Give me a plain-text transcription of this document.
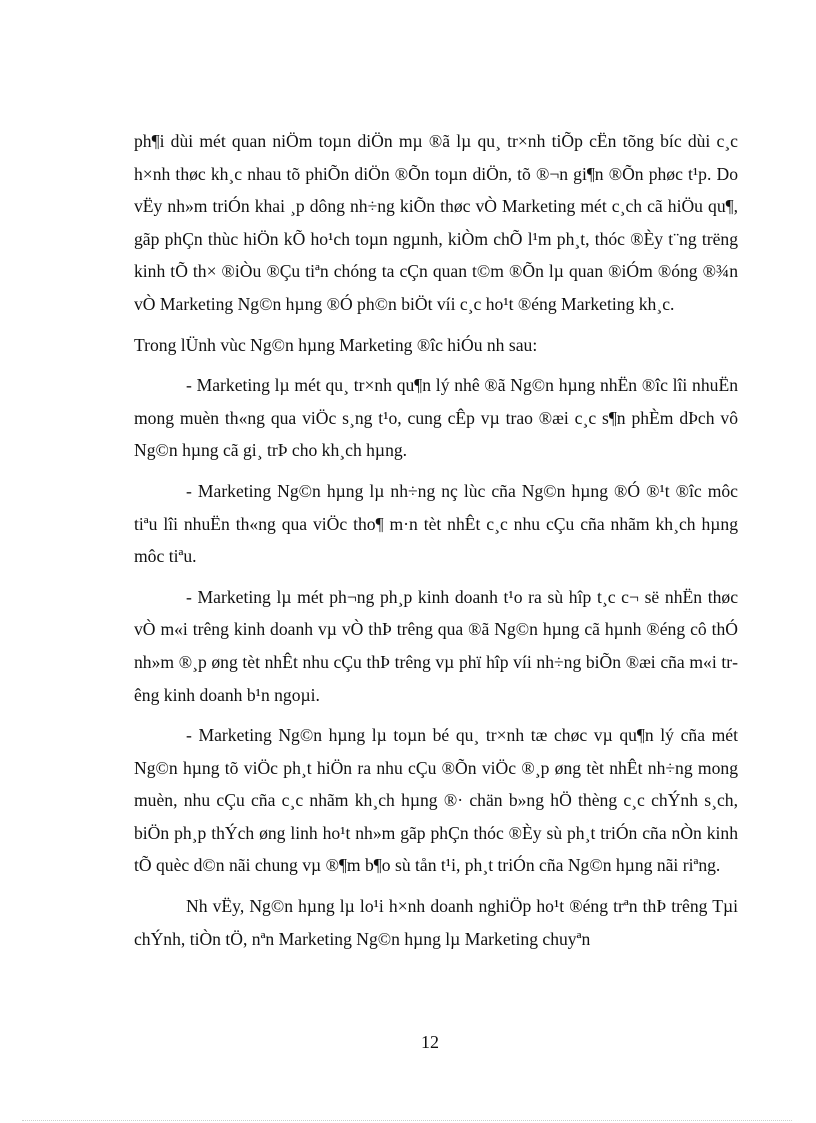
ph¶i dùi mét quan niÖm toµn diÖn mµ ®ã lµ qu¸ tr×nh tiÕp cËn tõng bíc dùi c¸c h×nh thøc kh¸c nhau tõ phiÕn diÖn ®Õn toµn diÖn, tõ ®¬n gi¶n ®Õn phøc t¹p. Do vËy nh»m triÓn khai ¸p dông nh÷ng kiÕn thøc vÒ Marketing mét c¸ch cã hiÖu qu¶, gãp phÇn thùc hiÖn kÕ ho¹ch toµn ngµnh, kiÒm chÕ l¹m ph¸t, thóc ®Èy t¨ng trëng kinh tÕ th× ®iÒu ®Çu tiªn chóng ta cÇn quan t©m ®Õn lµ quan ®iÓm ®óng ®¾n vÒ Marketing Ng©n hµng ®Ó ph©n biÖt víi c¸c ho¹t ®éng Marketing kh¸c.

Trong lÜnh vùc Ng©n hµng Marketing ®îc hiÓu nh sau:

- Marketing lµ mét qu¸ tr×nh qu¶n lý nhê ®ã Ng©n hµng nhËn ®îc lîi nhuËn mong muèn th«ng qua viÖc s¸ng t¹o, cung cÊp vµ trao ®æi c¸c s¶n phÈm dÞch vô Ng©n hµng cã gi¸ trÞ cho kh¸ch hµng.

- Marketing Ng©n hµng lµ nh÷ng nç lùc cña Ng©n hµng ®Ó ®¹t ®îc môc tiªu lîi nhuËn th«ng qua viÖc tho¶ m·n tèt nhÊt c¸c nhu cÇu cña nhãm kh¸ch hµng môc tiªu.

- Marketing lµ mét ph¬ng ph¸p kinh doanh t¹o ra sù hîp t¸c c¬ së nhËn thøc vÒ m«i trêng kinh doanh vµ vÒ thÞ trêng qua ®ã Ng©n hµng cã hµnh ®éng cô thÓ nh»m ®¸p øng tèt nhÊt nhu cÇu thÞ trêng vµ phï hîp víi nh÷ng biÕn ®æi cña m«i trêng kinh doanh b¹n ngoµi.

- Marketing Ng©n hµng lµ toµn bé qu¸ tr×nh tæ chøc vµ qu¶n lý cña mét Ng©n hµng tõ viÖc ph¸t hiÖn ra nhu cÇu ®Õn viÖc ®¸p øng tèt nhÊt nh÷ng mong muèn, nhu cÇu cña c¸c nhãm kh¸ch hµng ®· chän b»ng hÖ thèng c¸c chÝnh s¸ch, biÖn ph¸p thÝch øng linh ho¹t nh»m gãp phÇn thóc ®Èy sù ph¸t triÓn cña nÒn kinh tÕ quèc d©n nãi chung vµ ®¶m b¶o sù tån t¹i, ph¸t triÓn cña Ng©n hµng nãi riªng.

Nh vËy, Ng©n hµng lµ lo¹i h×nh doanh nghiÖp ho¹t ®éng trªn thÞ trêng Tµi chÝnh, tiÒn tÖ, nªn Marketing Ng©n hµng lµ Marketing chuyªn

12
